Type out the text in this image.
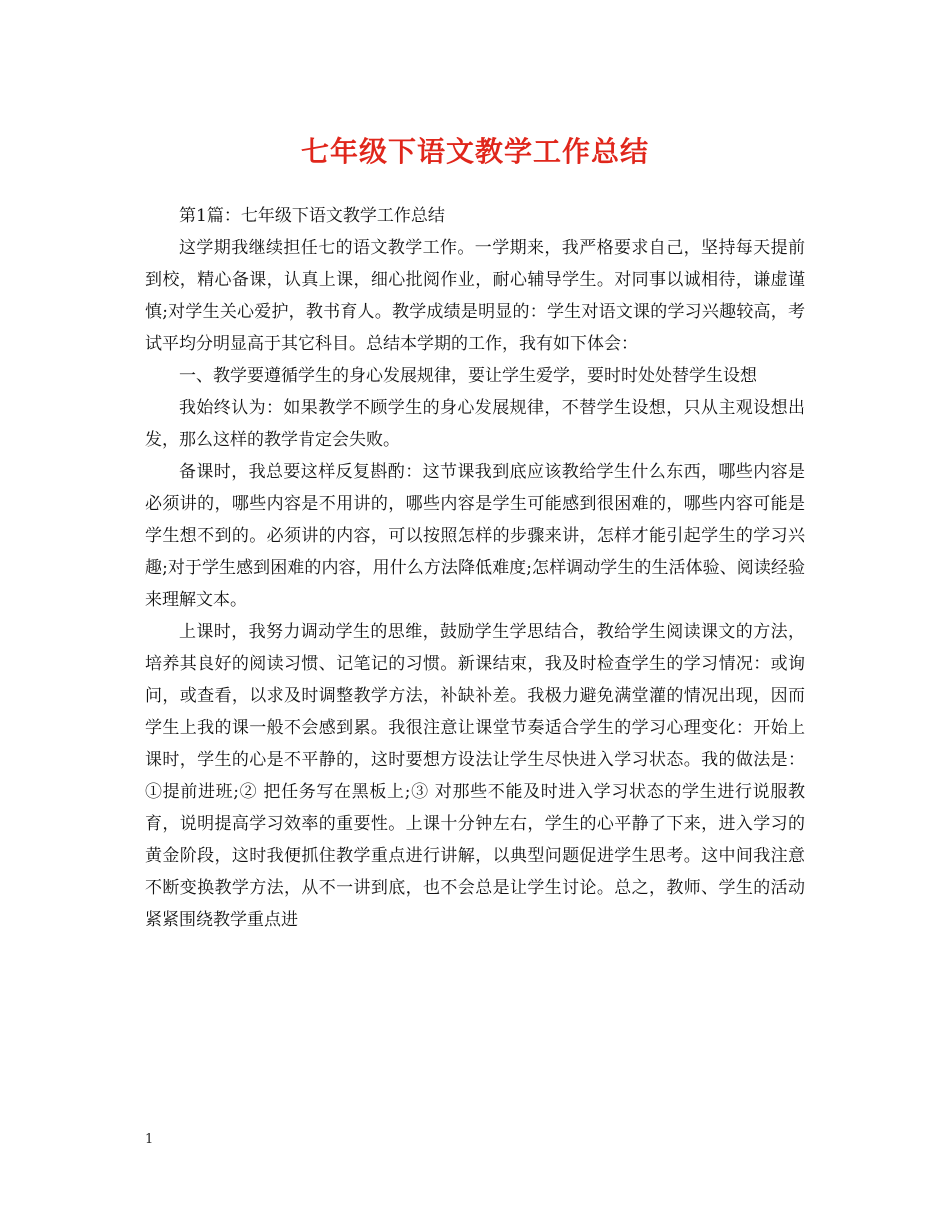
七年级下语文教学工作总结

第1篇：七年级下语文教学工作总结

这学期我继续担任七的语文教学工作。一学期来，我严格要求自己，坚持每天提前到校，精心备课，认真上课，细心批阅作业，耐心辅导学生。对同事以诚相待，谦虚谨慎;对学生关心爱护，教书育人。教学成绩是明显的：学生对语文课的学习兴趣较高，考试平均分明显高于其它科目。总结本学期的工作，我有如下体会：

一、教学要遵循学生的身心发展规律，要让学生爱学，要时时处处替学生设想

我始终认为：如果教学不顾学生的身心发展规律，不替学生设想，只从主观设想出发，那么这样的教学肯定会失败。

备课时，我总要这样反复斟酌：这节课我到底应该教给学生什么东西，哪些内容是必须讲的，哪些内容是不用讲的，哪些内容是学生可能感到很困难的，哪些内容可能是学生想不到的。必须讲的内容，可以按照怎样的步骤来讲，怎样才能引起学生的学习兴趣;对于学生感到困难的内容，用什么方法降低难度;怎样调动学生的生活体验、阅读经验来理解文本。

上课时，我努力调动学生的思维，鼓励学生学思结合，教给学生阅读课文的方法，培养其良好的阅读习惯、记笔记的习惯。新课结束，我及时检查学生的学习情况：或询问，或查看，以求及时调整教学方法，补缺补差。我极力避免满堂灌的情况出现，因而学生上我的课一般不会感到累。我很注意让课堂节奏适合学生的学习心理变化：开始上课时，学生的心是不平静的，这时要想方设法让学生尽快进入学习状态。我的做法是：①提前进班;② 把任务写在黑板上;③ 对那些不能及时进入学习状态的学生进行说服教育，说明提高学习效率的重要性。上课十分钟左右，学生的心平静了下来，进入学习的黄金阶段，这时我便抓住教学重点进行讲解，以典型问题促进学生思考。这中间我注意不断变换教学方法，从不一讲到底，也不会总是让学生讨论。总之，教师、学生的活动紧紧围绕教学重点进

1
